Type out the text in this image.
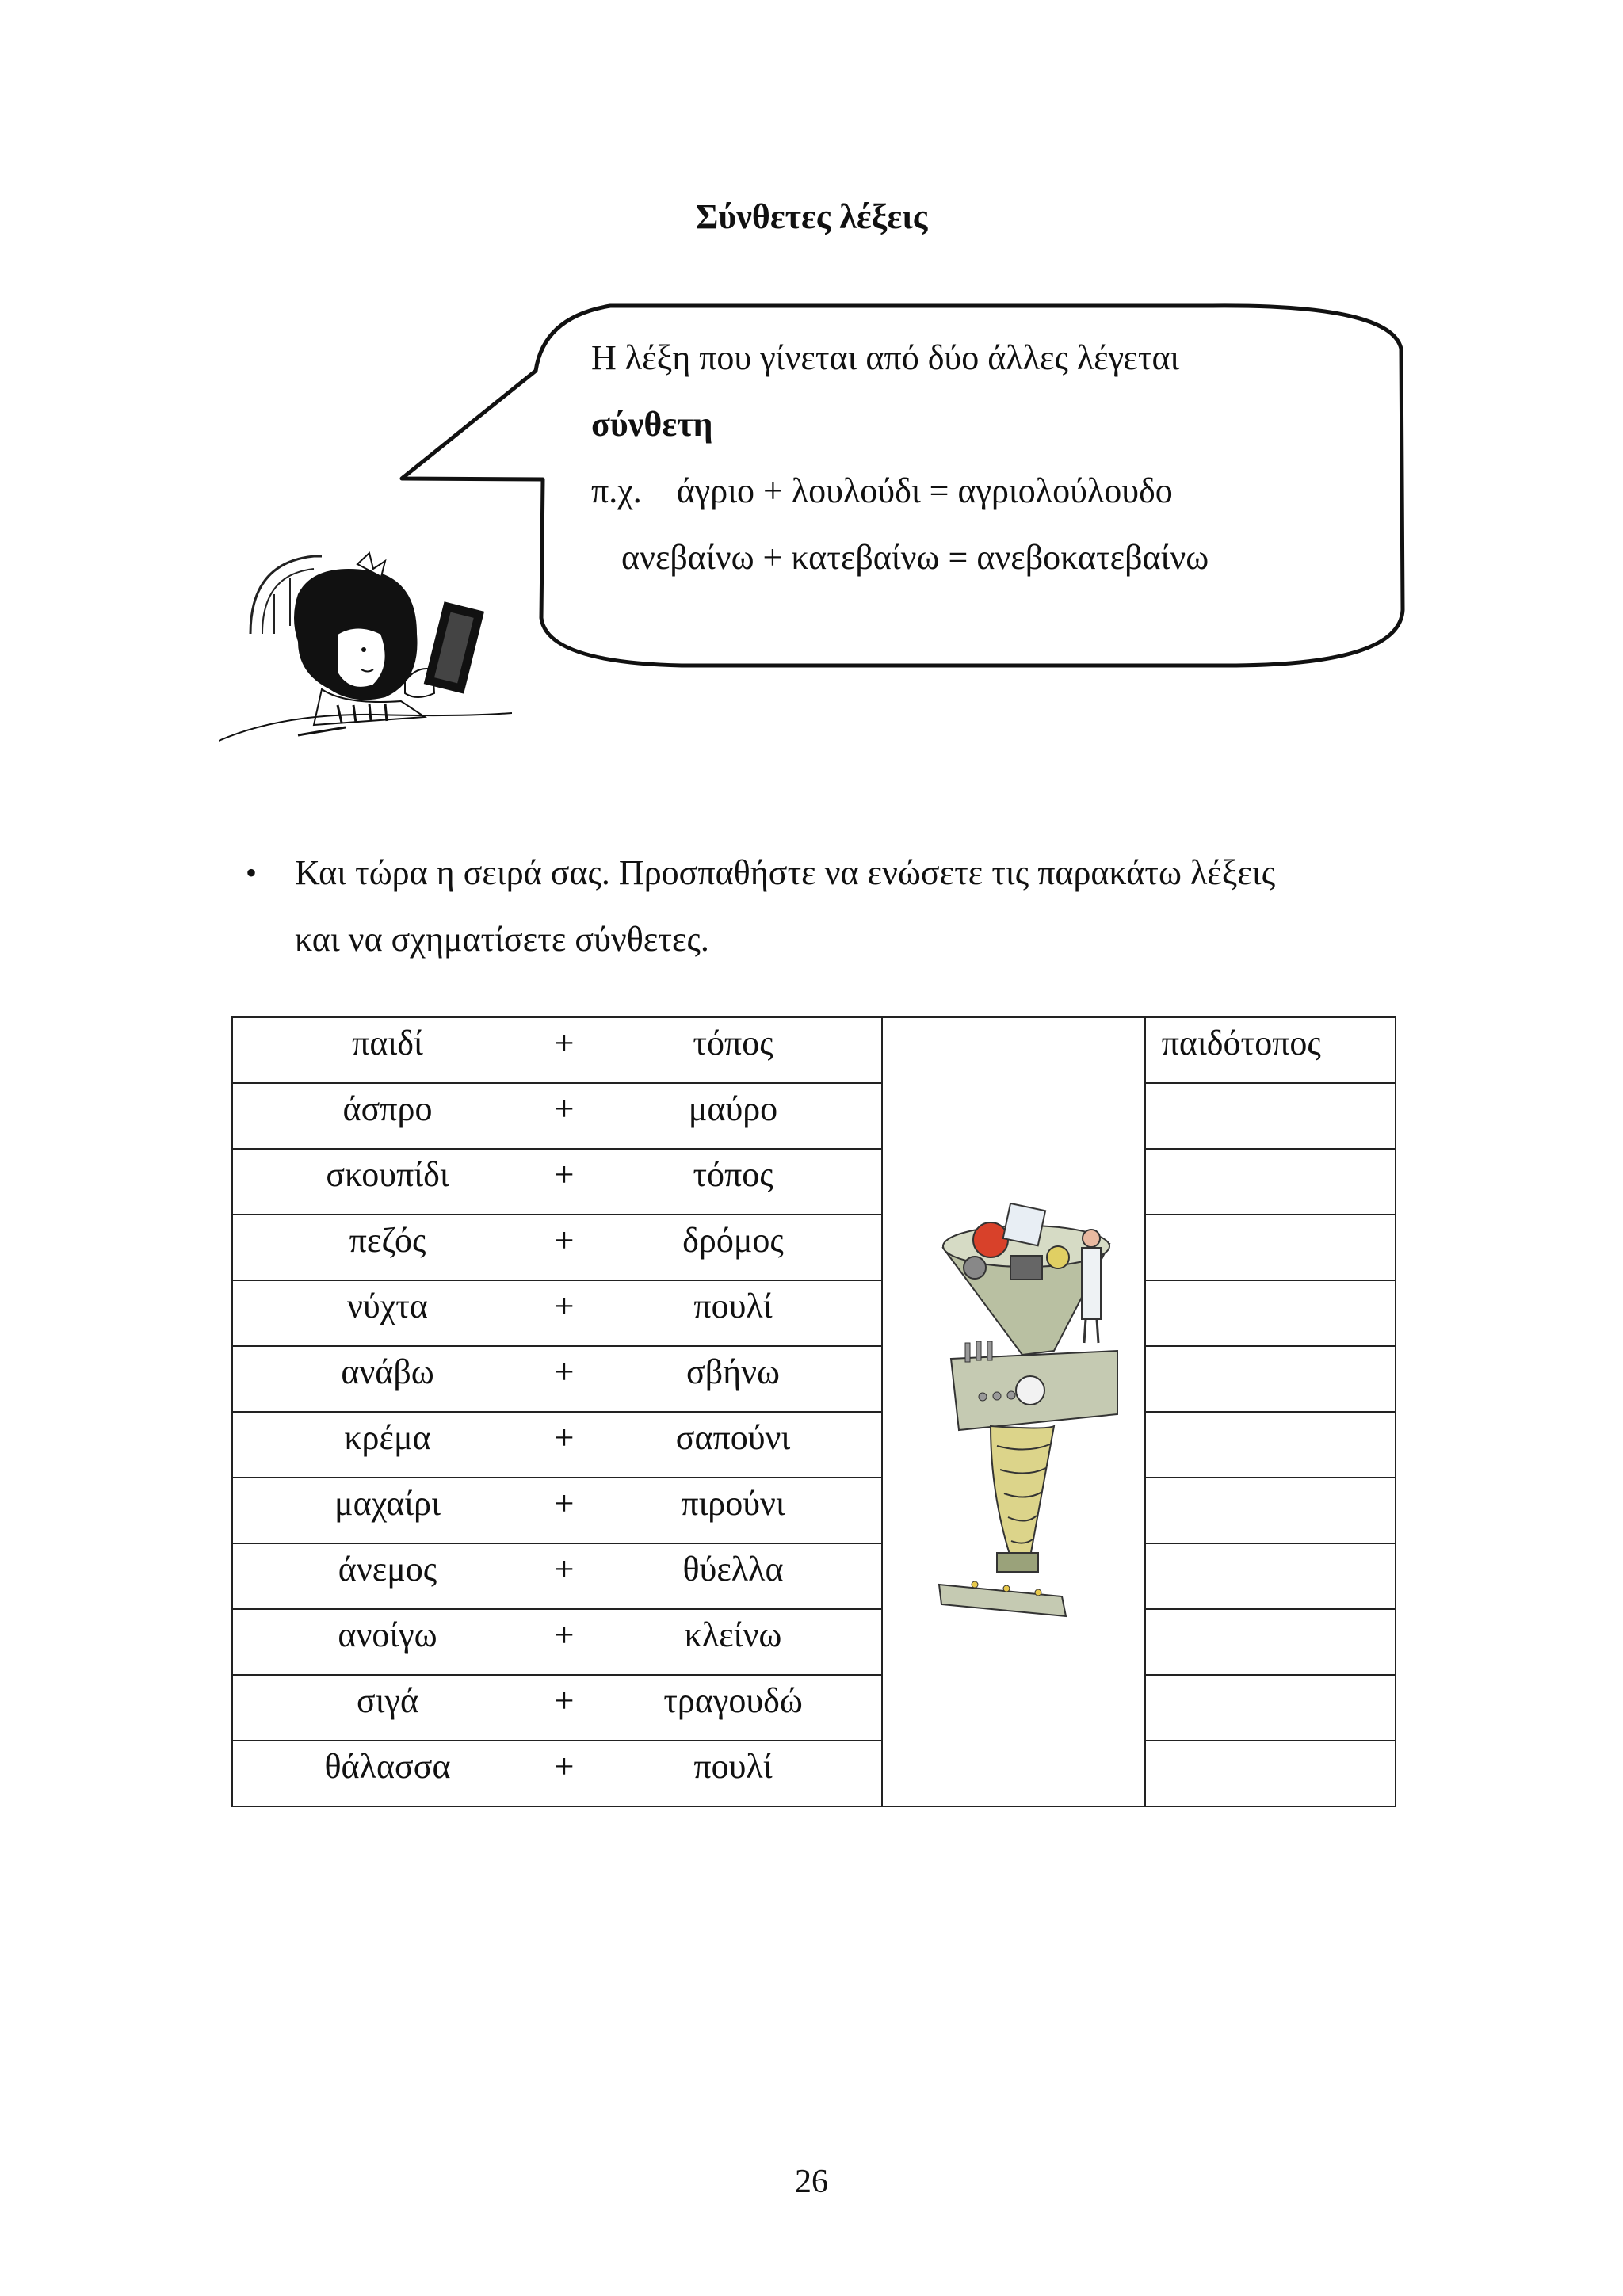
Σύνθετες λέξεις
Η λέξη που γίνεται από δύο άλλες λέγεται
σύνθετη
π.χ.    άγριο + λουλούδι = αγριολούλουδο
ανεβαίνω + κατεβαίνω = ανεβοκατεβαίνω
•	Και τώρα η σειρά σας. Προσπαθήστε να ενώσετε τις παρακάτω λέξεις
και να σχηματίσετε σύνθετες.
παιδί + τόπος		παιδότοπος

άσπρο + μαύρο		

σκουπίδι + τόπος		

πεζός + δρόμος		

νύχτα + πουλί		

ανάβω + σβήνω		

κρέμα + σαπούνι		

μαχαίρι + πιρούνι		

άνεμος + θύελλα		

ανοίγω + κλείνω		

σιγά + τραγουδώ		

θάλασσα + πουλί		

26
